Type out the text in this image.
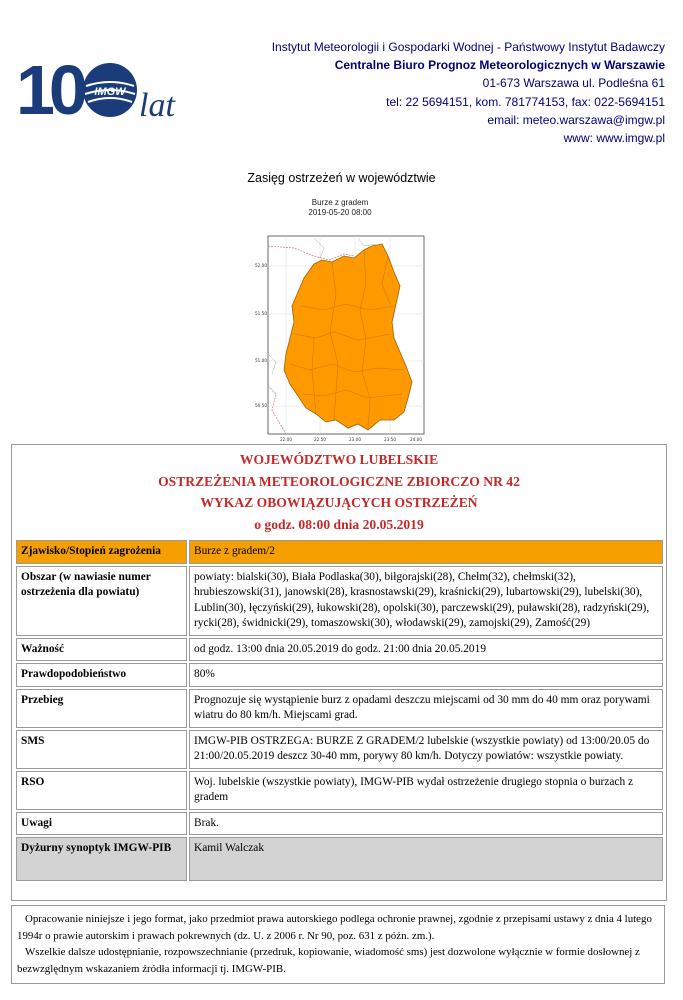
10	IMGW lat
Instytut Meteorologii i Gospodarki Wodnej - Państwowy Instytut Badawczy
Centralne Biuro Prognoz Meteorologicznych w Warszawie
01-673 Warszawa ul. Podleśna 61
tel: 22 5694151, kom. 781774153, fax: 022-5694151
email: meteo.warszawa@imgw.pl
www: www.imgw.pl
Zasięg ostrzeżeń w województwie
Burze z gradem
2019-05-20 08:00
52.00
51.50
51.00
50.50
22.00	22.50	23.00	23.50	24.00
WOJEWÓDZTWO LUBELSKIE
OSTRZEŻENIA METEOROLOGICZNE ZBIORCZO NR 42
WYKAZ OBOWIĄZUJĄCYCH OSTRZEŻEŃ
o godz. 08:00 dnia 20.05.2019
Zjawisko/Stopień zagrożenia	Burze z gradem/2
Obszar (w nawiasie numer ostrzeżenia dla powiatu)	powiaty: bialski(30), Biała Podlaska(30), biłgorajski(28), Chełm(32), chełmski(32), hrubieszowski(31), janowski(28), krasnostawski(29), kraśnicki(29), lubartowski(29), lubelski(30), Lublin(30), łęczyński(29), łukowski(28), opolski(30), parczewski(29), puławski(28), radzyński(29), rycki(28), świdnicki(29), tomaszowski(30), włodawski(29), zamojski(29), Zamość(29)
Ważność	od godz. 13:00 dnia 20.05.2019 do godz. 21:00 dnia 20.05.2019
Prawdopodobieństwo	80%
Przebieg	Prognozuje się wystąpienie burz z opadami deszczu miejscami od 30 mm do 40 mm oraz porywami wiatru do 80 km/h. Miejscami grad.
SMS	IMGW-PIB OSTRZEGA: BURZE Z GRADEM/2 lubelskie (wszystkie powiaty) od 13:00/20.05 do 21:00/20.05.2019 deszcz 30-40 mm, porywy 80 km/h. Dotyczy powiatów: wszystkie powiaty.
RSO	Woj. lubelskie (wszystkie powiaty), IMGW-PIB wydał ostrzeżenie drugiego stopnia o burzach z gradem
Uwagi	Brak.
Dyżurny synoptyk IMGW-PIB	Kamil Walczak
Opracowanie niniejsze i jego format, jako przedmiot prawa autorskiego podlega ochronie prawnej, zgodnie z przepisami ustawy z dnia 4 lutego 1994r o prawie autorskim i prawach pokrewnych (dz. U. z 2006 r. Nr 90, poz. 631 z późn. zm.).
Wszelkie dalsze udostępnianie, rozpowszechnianie (przedruk, kopiowanie, wiadomość sms) jest dozwolone wyłącznie w formie dosłownej z bezwzględnym wskazaniem źródła informacji tj. IMGW-PIB.
